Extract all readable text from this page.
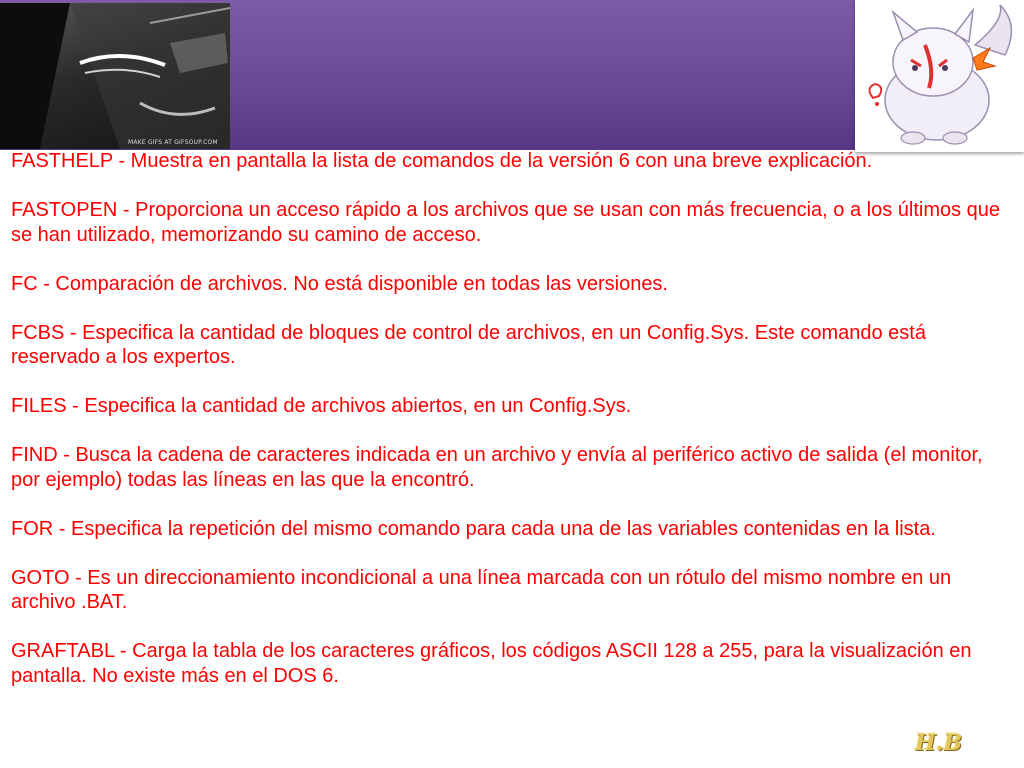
MAKE GIFS AT GIFSOUP.COM

FASTHELP - Muestra en pantalla la lista de comandos de la versión 6 con una breve explicación.

FASTOPEN - Proporciona un acceso rápido a los archivos que se usan con más frecuencia, o a los últimos que se han utilizado, memorizando su camino de acceso.

FC - Comparación de archivos. No está disponible en todas las versiones.

FCBS - Especifica la cantidad de bloques de control de archivos, en un Config.Sys. Este comando está reservado a los expertos.

FILES - Especifica la cantidad de archivos abiertos, en un Config.Sys.

FIND - Busca la cadena de caracteres indicada en un archivo y envía al periférico activo de salida (el monitor, por ejemplo) todas las líneas en las que la encontró.

FOR - Especifica la repetición del mismo comando para cada una de las variables contenidas en la lista.

GOTO - Es un direccionamiento incondicional a una línea marcada con un rótulo del mismo nombre en un archivo .BAT.

GRAFTABL - Carga la tabla de los caracteres gráficos, los códigos ASCII 128 a 255, para la visualización en pantalla. No existe más en el DOS 6.

H.B
